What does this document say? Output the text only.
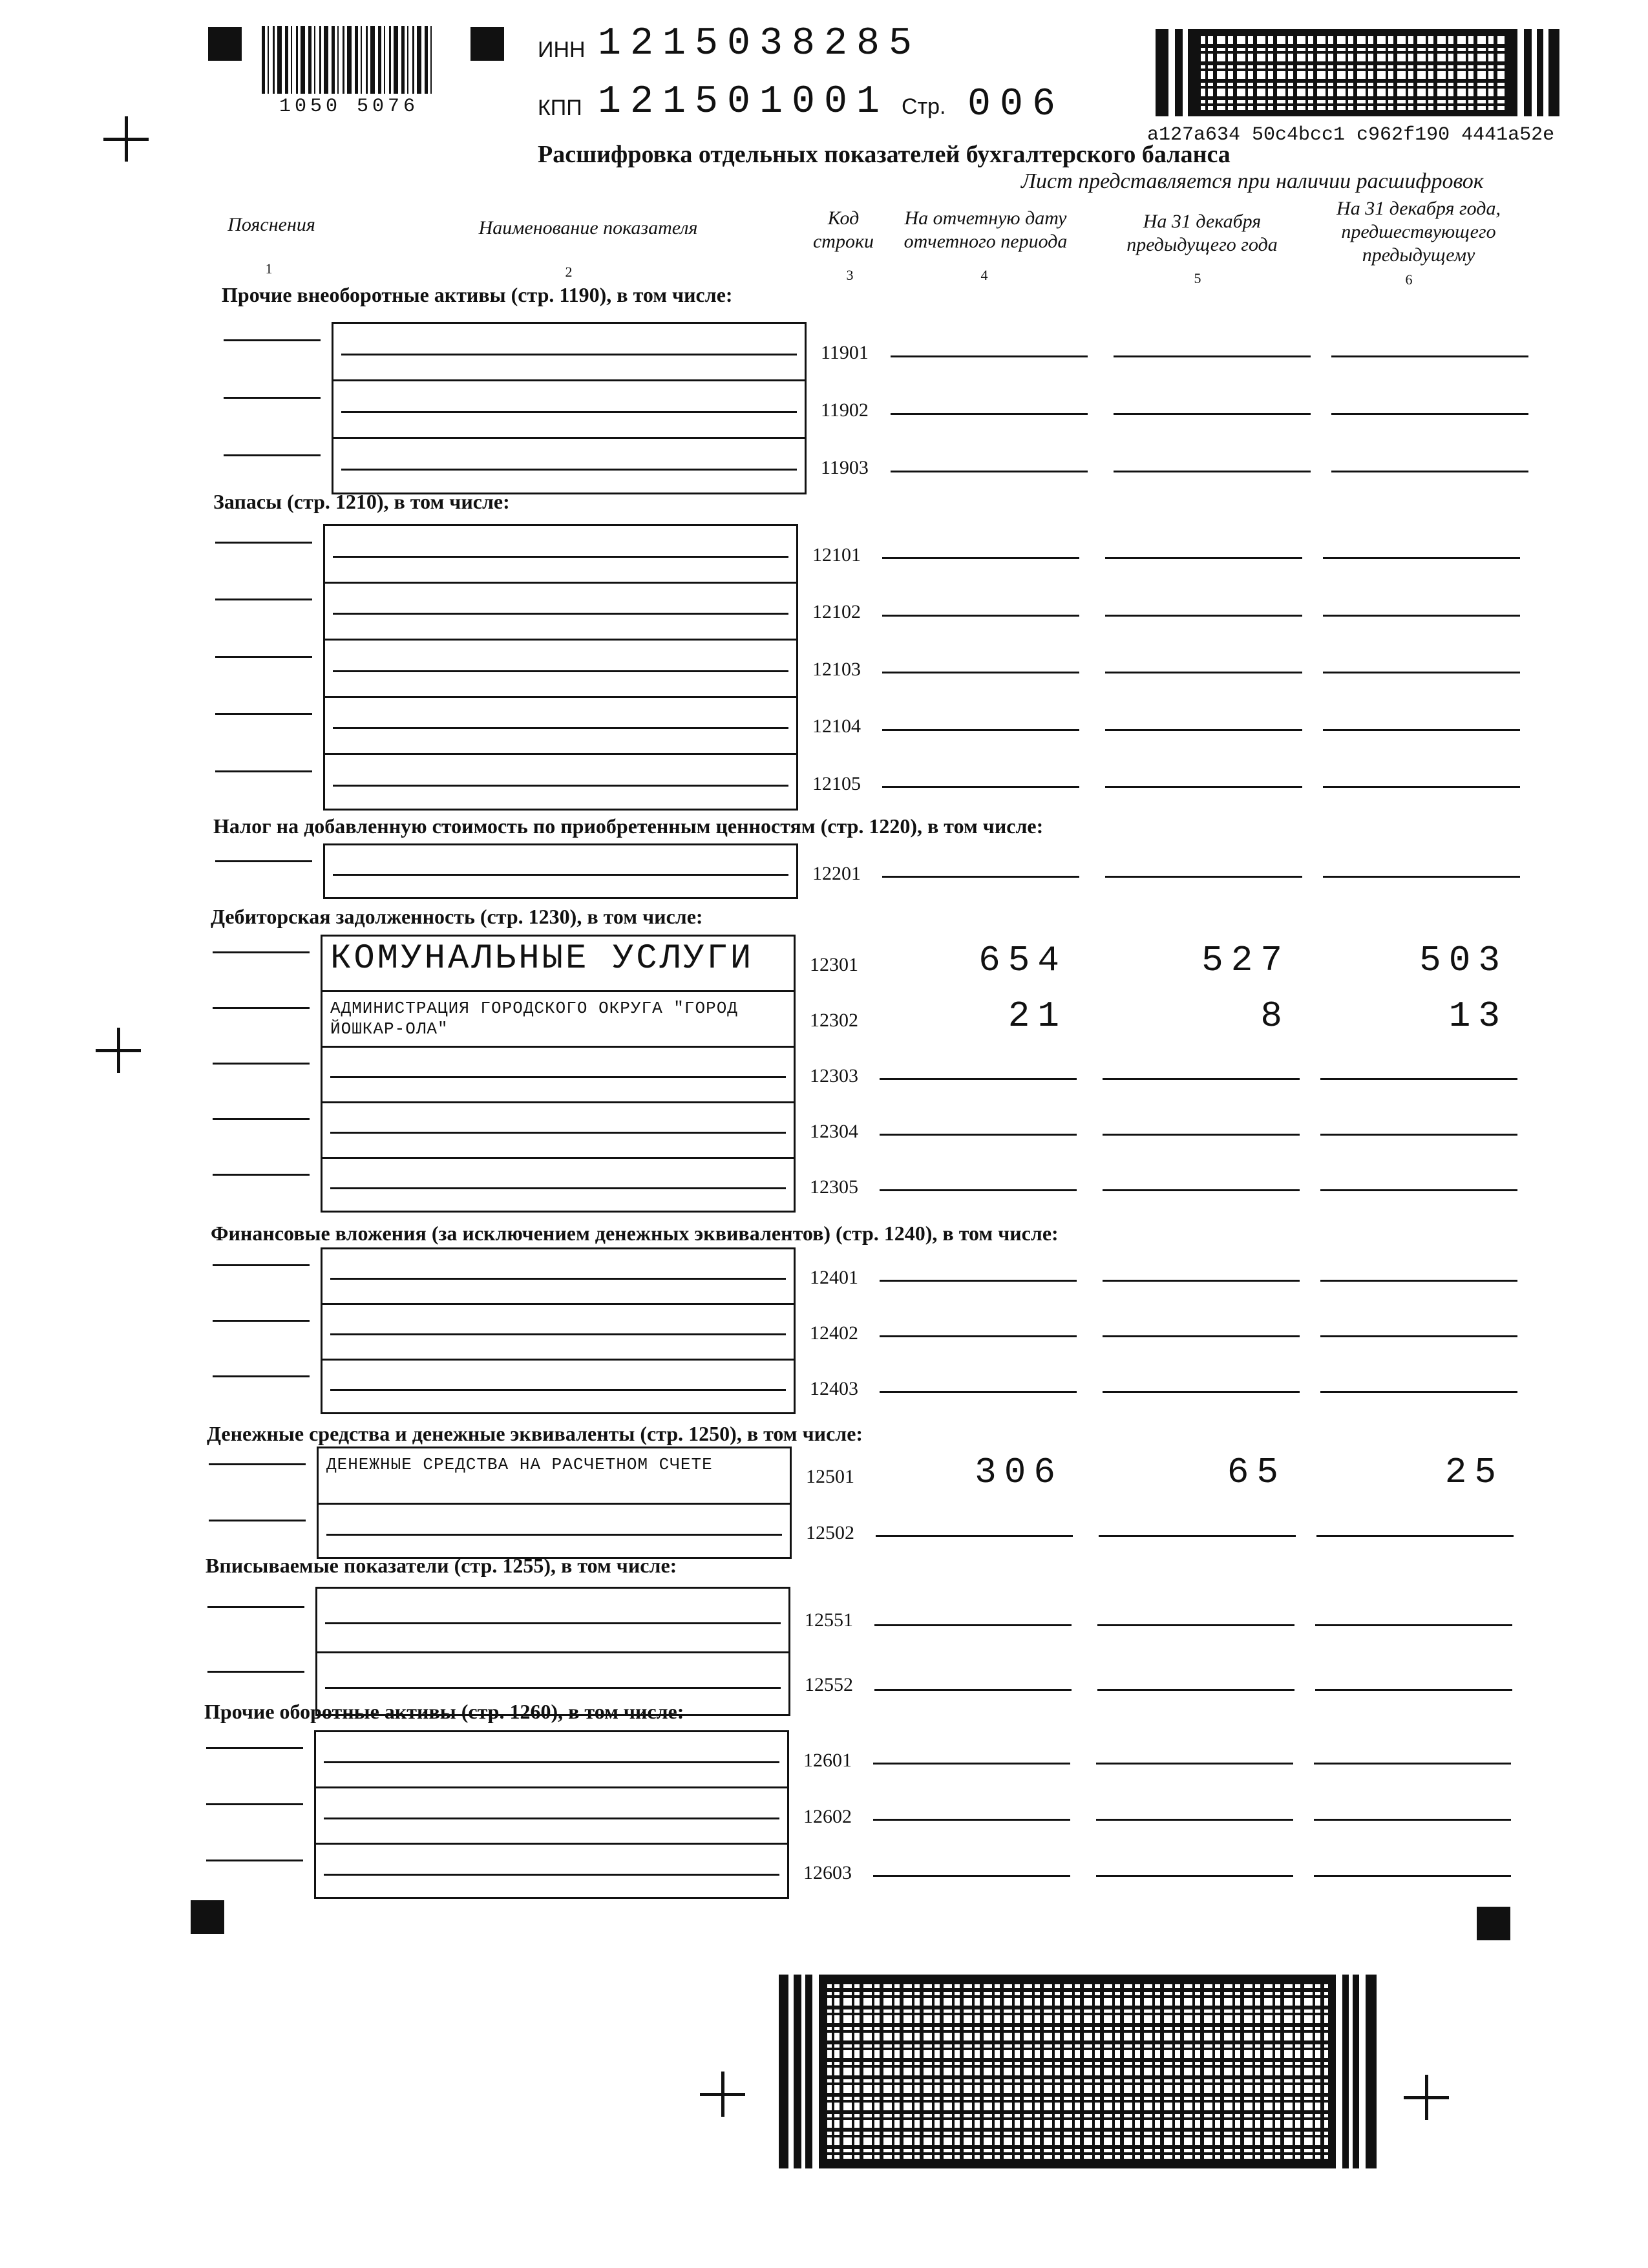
1050 5076
ИНН 1215038285
КПП 121501001 Стр. 006
a127a634 50c4bcc1 c962f190 4441a52e
Расшифровка отдельных показателей бухгалтерского баланса
Лист представляется при наличии расшифровок
Пояснения	Наименование показателя	Код строки
На отчетную дату отчетного периода
На 31 декабря предыдущего года
На 31 декабря года, предшествующего предыдущему
1	2	3	4	5	6
Прочие внеоборотные активы (стр. 1190), в том числе:
11901
11902
11903
Запасы (стр. 1210), в том числе:
12101
12102
12103
12104
12105
Налог на добавленную стоимость по приобретенным ценностям (стр. 1220), в том числе:
12201
Дебиторская задолженность (стр. 1230), в том числе:
КОМУНАЛЬНЫЕ УСЛУГИ	12301	654	527	503
АДМИНИСТРАЦИЯ ГОРОДСКОГО ОКРУГА "ГОРОД ЙОШКАР-ОЛА"	12302	21	8	13
12303
12304
12305
Финансовые вложения (за исключением денежных эквивалентов) (стр. 1240), в том числе:
12401
12402
12403
Денежные средства и денежные эквиваленты (стр. 1250), в том числе:
ДЕНЕЖНЫЕ СРЕДСТВА НА РАСЧЕТНОМ СЧЕТЕ
12501	306	65	25
12502
Вписываемые показатели (стр. 1255), в том числе:
12551
12552
Прочие оборотные активы (стр. 1260), в том числе:
12601
12602
12603
